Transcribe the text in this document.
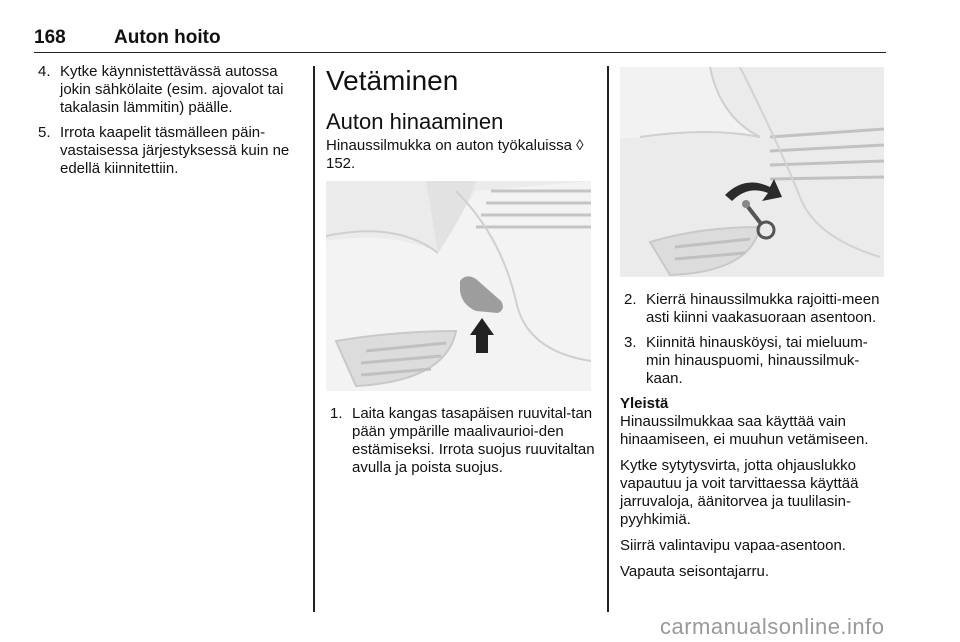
168	Auton hoito
4. Kytke käynnistettävässä autossa jokin sähkölaite (esim. ajovalot tai takalasin lämmitin) päälle.
5. Irrota kaapelit täsmälleen päin-vastaisessa järjestyksessä kuin ne edellä kiinnitettiin.
Vetäminen
Auton hinaaminen

Hinaussilmukka on auton työkaluissa ◊ 152.

1. Laita kangas tasapäisen ruuvital-tan pään ympärille maalivaurioi-den estämiseksi. Irrota suojus ruuvitaltan avulla ja poista suojus.
2. Kierrä hinaussilmukka rajoitti-meen asti kiinni vaakasuoraan asentoon.
3. Kiinnitä hinausköysi, tai mieluum-min hinauspuomi, hinaussilmuk-kaan.

Yleistä

Hinaussilmukkaa saa käyttää vain hinaamiseen, ei muuhun vetämiseen.

Kytke sytytysvirta, jotta ohjauslukko vapautuu ja voit tarvittaessa käyttää jarruvaloja, äänitorvea ja tuulilasin-pyyhkimiä.

Siirrä valintavipu vapaa-asentoon.

Vapauta seisontajarru.

carmanualsonline.info
